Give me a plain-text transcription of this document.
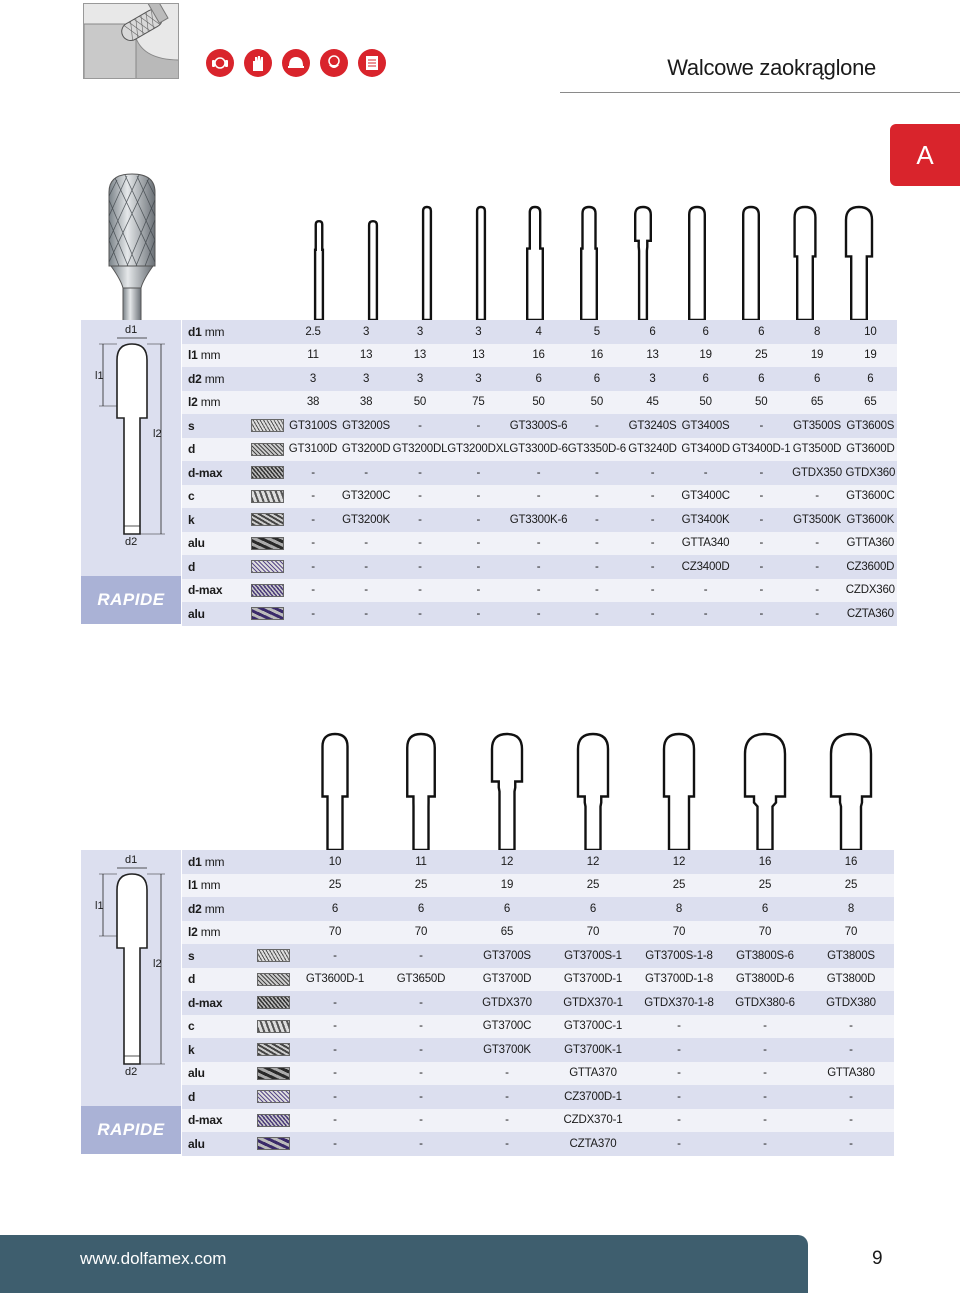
Walcowe zaokrąglone
A
d1
l1
l2
d2
RAPIDE
d1 mm		2.5	3	3	3	4	5	6	6	6	8	10
l1 mm		11	13	13	13	16	16	13	19	25	19	19
d2 mm		3	3	3	3	6	6	3	6	6	6	6
l2 mm		38	38	50	75	50	50	45	50	50	65	65
s		GT3100S	GT3200S	-	-	GT3300S-6	-	GT3240S	GT3400S	-	GT3500S	GT3600S
d		GT3100D	GT3200D	GT3200DL	GT3200DXL	GT3300D-6	GT3350D-6	GT3240D	GT3400D	GT3400D-1	GT3500D	GT3600D
d-max		-	-	-	-	-	-	-	-	-	GTDX350	GTDX360
c		-	GT3200C	-	-	-	-	-	GT3400C	-	-	GT3600C
k		-	GT3200K	-	-	GT3300K-6	-	-	GT3400K	-	GT3500K	GT3600K
alu		-	-	-	-	-	-	-	GTTA340	-	-	GTTA360
d		-	-	-	-	-	-	-	CZ3400D	-	-	CZ3600D
d-max		-	-	-	-	-	-	-	-	-	-	CZDX360
alu		-	-	-	-	-	-	-	-	-	-	CZTA360
d1
l1
l2
d2
RAPIDE
d1 mm		10	11	12	12	12	16	16
l1 mm		25	25	19	25	25	25	25
d2 mm		6	6	6	6	8	6	8
l2 mm		70	70	65	70	70	70	70
s		-	-	GT3700S	GT3700S-1	GT3700S-1-8	GT3800S-6	GT3800S
d		GT3600D-1	GT3650D	GT3700D	GT3700D-1	GT3700D-1-8	GT3800D-6	GT3800D
d-max		-	-	GTDX370	GTDX370-1	GTDX370-1-8	GTDX380-6	GTDX380
c		-	-	GT3700C	GT3700C-1	-	-	-
k		-	-	GT3700K	GT3700K-1	-	-	-
alu		-	-	-	GTTA370	-	-	GTTA380
d		-	-	-	CZ3700D-1	-	-	-
d-max		-	-	-	CZDX370-1	-	-	-
alu		-	-	-	CZTA370	-	-	-
www.dolfamex.com	9
